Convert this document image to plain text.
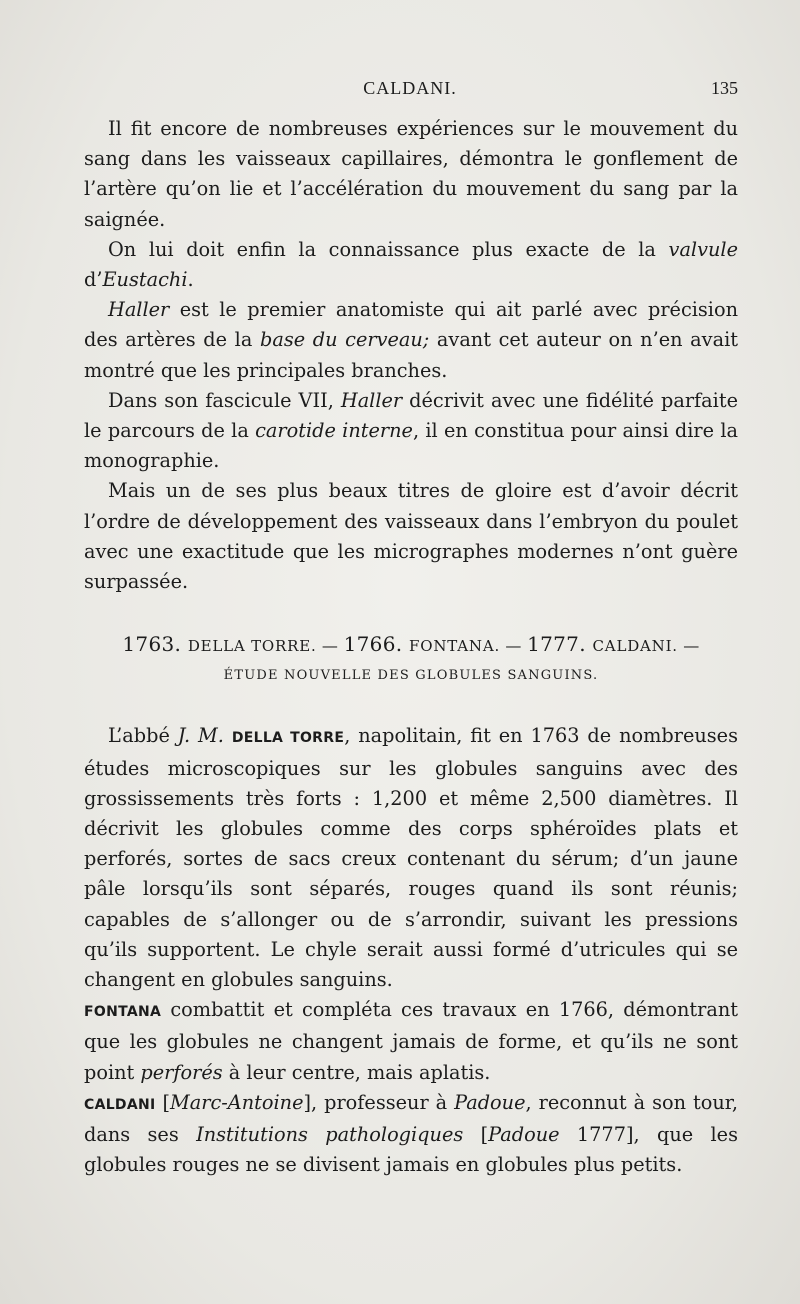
CALDANI.	135

Il fit encore de nombreuses expériences sur le mouvement du sang dans les vaisseaux capillaires, démontra le gonflement de l’artère qu’on lie et l’accélération du mouvement du sang par la saignée.

On lui doit enfin la connaissance plus exacte de la valvule d’Eustachi.

Haller est le premier anatomiste qui ait parlé avec précision des artères de la base du cerveau; avant cet auteur on n’en avait montré que les principales branches.

Dans son fascicule VII, Haller décrivit avec une fidélité parfaite le parcours de la carotide interne, il en constitua pour ainsi dire la monographie.

Mais un de ses plus beaux titres de gloire est d’avoir décrit l’ordre de développement des vaisseaux dans l’embryon du poulet avec une exactitude que les micrographes modernes n’ont guère surpassée.

1763. DELLA TORRE. — 1766. FONTANA. — 1777. CALDANI. —
ÉTUDE NOUVELLE DES GLOBULES SANGUINS.

L’abbé J. M. DELLA TORRE, napolitain, fit en 1763 de nombreuses études microscopiques sur les globules sanguins avec des grossissements très forts : 1,200 et même 2,500 diamètres. Il décrivit les globules comme des corps sphéroïdes plats et perforés, sortes de sacs creux contenant du sérum; d’un jaune pâle lorsqu’ils sont séparés, rouges quand ils sont réunis; capables de s’allonger ou de s’arrondir, suivant les pressions qu’ils supportent. Le chyle serait aussi formé d’utricules qui se changent en globules sanguins.

FONTANA combattit et compléta ces travaux en 1766, démontrant que les globules ne changent jamais de forme, et qu’ils ne sont point perforés à leur centre, mais aplatis.

CALDANI [Marc-Antoine], professeur à Padoue, reconnut à son tour, dans ses Institutions pathologiques [Padoue 1777], que les globules rouges ne se divisent jamais en globules plus petits.
